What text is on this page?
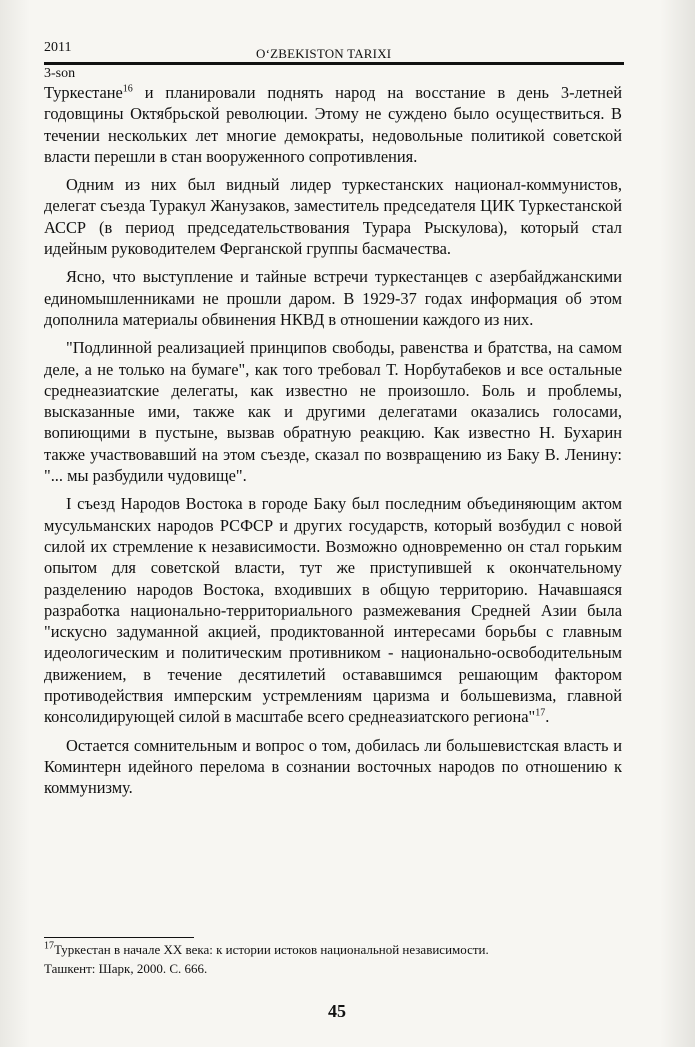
2011	O‘ZBEKISTON TARIXI
3-son

Туркестане$^{16}$ и планировали поднять народ на восстание в день 3-летней годовщины Октябрьской революции. Этому не суждено было осуществиться. В течении нескольких лет многие демократы, недовольные политикой советской власти перешли в стан вооруженного сопротивления.

Одним из них был видный лидер туркестанских национал-коммунистов, делегат съезда Туракул Жанузаков, заместитель председателя ЦИК Туркестанской АССР (в период председательствования Турара Рыскулова), который стал идейным руководителем Ферганской группы басмачества.

Ясно, что выступление и тайные встречи туркестанцев с азербайджанскими единомышленниками не прошли даром. В 1929-37 годах информация об этом дополнила материалы обвинения НКВД в отношении каждого из них.

"Подлинной реализацией принципов свободы, равенства и братства, на самом деле, а не только на бумаге", как того требовал Т. Норбутабеков и все остальные среднеазиатские делегаты, как известно не произошло. Боль и проблемы, высказанные ими, также как и другими делегатами оказались голосами, вопиющими в пустыне, вызвав обратную реакцию. Как известно Н. Бухарин также участвовавший на этом съезде, сказал по возвращению из Баку В. Ленину: "... мы разбудили чудовище".

I съезд Народов Востока в городе Баку был последним объединяющим актом мусульманских народов РСФСР и других государств, который возбудил с новой силой их стремление к независимости. Возможно одновременно он стал горьким опытом для советской власти, тут же приступившей к окончательному разделению народов Востока, входивших в общую территорию. Начавшаяся разработка национально-территориального размежевания Средней Азии была "искусно задуманной акцией, продиктованной интересами борьбы с главным идеологическим и политическим противником - национально-освободительным движением, в течение десятилетий остававшимся решающим фактором противодействия имперским устремлениям царизма и большевизма, главной консолидирующей силой в масштабе всего среднеазиатского региона"$^{17}$.

Остается сомнительным и вопрос о том, добилась ли большевистская власть и Коминтерн идейного перелома в сознании восточных народов по отношению к коммунизму.

$^{17}$Туркестан в начале XX века: к истории истоков национальной независимости.
Ташкент: Шарк, 2000. С. 666.
45
